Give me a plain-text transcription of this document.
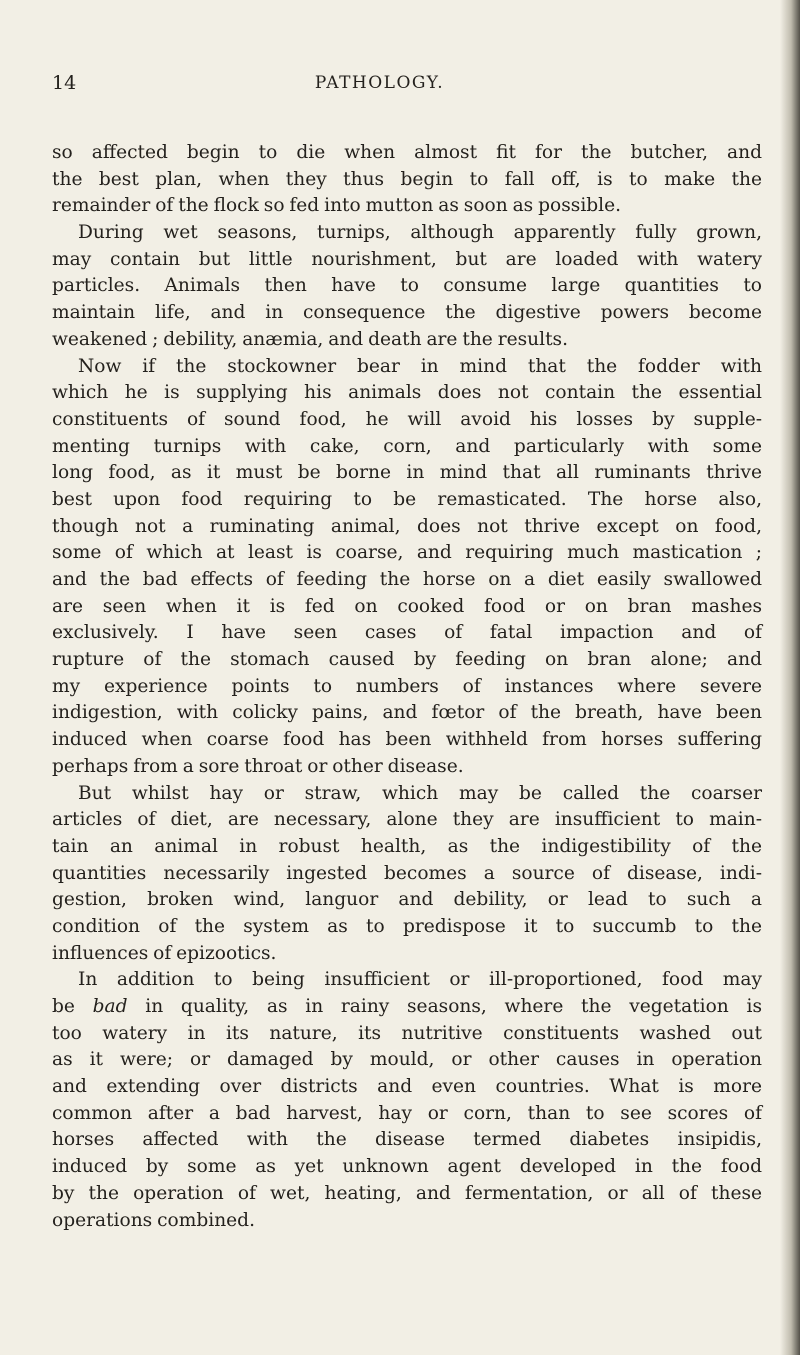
14	PATHOLOGY.

so affected begin to die when almost fit for the butcher, and
the best plan, when they thus begin to fall off, is to make the
remainder of the flock so fed into mutton as soon as possible.

During wet seasons, turnips, although apparently fully grown,
may contain but little nourishment, but are loaded with watery
particles. Animals then have to consume large quantities to
maintain life, and in consequence the digestive powers become
weakened ; debility, anæmia, and death are the results.

Now if the stockowner bear in mind that the fodder with
which he is supplying his animals does not contain the essential
constituents of sound food, he will avoid his losses by supple-
menting turnips with cake, corn, and particularly with some
long food, as it must be borne in mind that all ruminants thrive
best upon food requiring to be remasticated. The horse also,
though not a ruminating animal, does not thrive except on food,
some of which at least is coarse, and requiring much mastication ;
and the bad effects of feeding the horse on a diet easily swallowed
are seen when it is fed on cooked food or on bran mashes
exclusively. I have seen cases of fatal impaction and of
rupture of the stomach caused by feeding on bran alone; and
my experience points to numbers of instances where severe
indigestion, with colicky pains, and fœtor of the breath, have been
induced when coarse food has been withheld from horses suffering
perhaps from a sore throat or other disease.

But whilst hay or straw, which may be called the coarser
articles of diet, are necessary, alone they are insufficient to main-
tain an animal in robust health, as the indigestibility of the
quantities necessarily ingested becomes a source of disease, indi-
gestion, broken wind, languor and debility, or lead to such a
condition of the system as to predispose it to succumb to the
influences of epizootics.

In addition to being insufficient or ill-proportioned, food may
be bad in quality, as in rainy seasons, where the vegetation is
too watery in its nature, its nutritive constituents washed out
as it were; or damaged by mould, or other causes in operation
and extending over districts and even countries. What is more
common after a bad harvest, hay or corn, than to see scores of
horses affected with the disease termed diabetes insipidis,
induced by some as yet unknown agent developed in the food
by the operation of wet, heating, and fermentation, or all of these
operations combined.
